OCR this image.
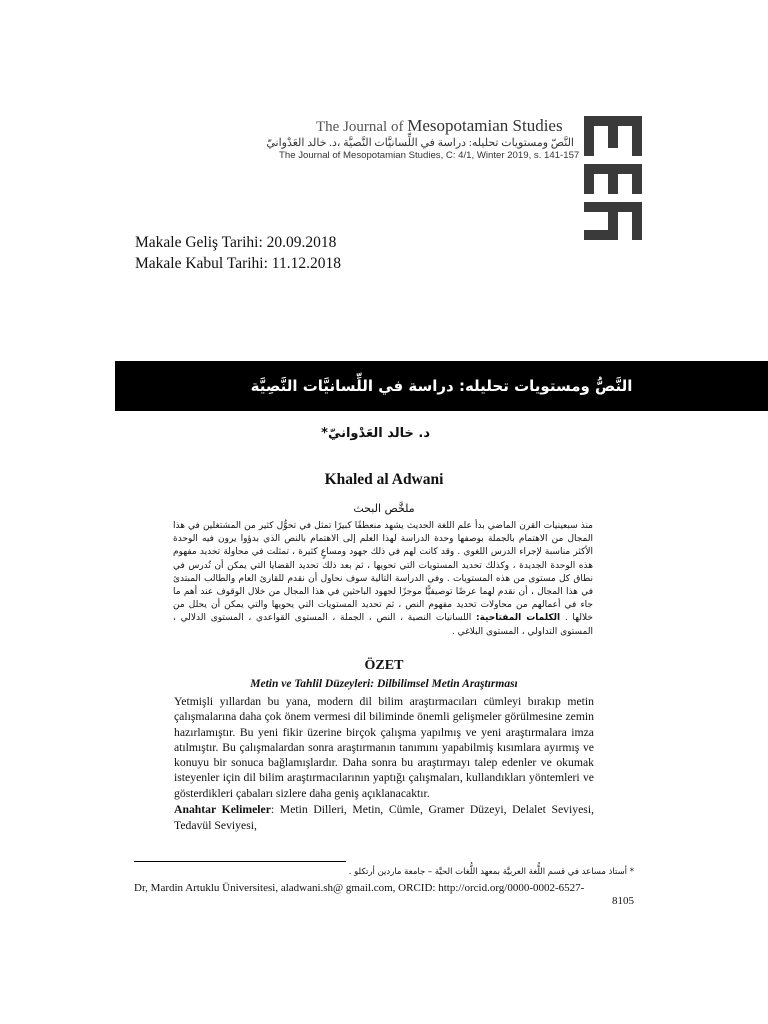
The Journal of Mesopotamian Studies
النَّصّ ومستويات تحليله: دراسة في اللِّسانيَّات النَّصيَّة ،د. خالد العَدْوانيّ
The Journal of Mesopotamian Studies, C: 4/1, Winter 2019, s. 141-157
Makale Geliş Tarihi: 20.09.2018
Makale Kabul Tarihi: 11.12.2018
النَّصُّ ومستويات تحليله: دراسة في اللِّسانيَّات النَّصِيَّة
د. خالد العَدْوانيّ*
Khaled al Adwani
ملخَّص البحث
منذ سبعينيات القرن الماضي بدأ علم اللغة الحديث يشهد منعطفًا كبيرًا تمثل في تحوُّل كثير من المشتغلين في هذا المجال من الاهتمام بالجملة بوصفها وحدة الدراسة لهذا العلم إلى الاهتمام بالنص الذي بدؤوا يرون فيه الوحدة الأكثر مناسبة لإجراء الدرس اللغوي . وقد كانت لهم في ذلك جهود ومساعٍ كثيرة ، تمثلت في محاولة تحديد مفهوم هذه الوحدة الجديدة ، وكذلك تحديد المستويات التي تحويها ، ثم بعد ذلك تحديد القضايا التي يمكن أن تُدرس في نطاق كل مستوى من هذه المستويات . وفي الدراسة التالية سوف نحاول أن نقدم للقارئ العام والطالب المبتدئ في هذا المجال ، أن نقدم لهما عرضًا توصيفيًّا موجزًا لجهود الباحثين في هذا المجال من خلال الوقوف عند أهم ما جاء في أعمالهم من محاولات تحديد مفهوم النص ، ثم تحديد المستويات التي يحويها والتي يمكن أن يحلل من خلالها . الكلمات المفتاحية: اللسانيات النصية ، النص ، الجملة ، المستوى القواعدي ، المستوى الدلالي ، المستوى التداولي ، المستوى البلاغي .
ÖZET
Metin ve Tahlil Düzeyleri: Dilbilimsel Metin Araştırması
Yetmişli yıllardan bu yana, modern dil bilim araştırmacıları cümleyi bırakıp metin çalışmalarına daha çok önem vermesi dil biliminde önemli gelişmeler görülmesine zemin hazırlamıştır. Bu yeni fikir üzerine birçok çalışma yapılmış ve yeni araştırmalara imza atılmıştır. Bu çalışmalardan sonra araştırmanın tanımını yapabilmiş kısımlara ayırmış ve konuyu bir sonuca bağlamışlardır. Daha sonra bu araştırmayı talep edenler ve okumak isteyenler için dil bilim araştırmacılarının yaptığı çalışmaları, kullandıkları yöntemleri ve gösterdikleri çabaları sizlere daha geniş açıklanacaktır.
Anahtar Kelimeler: Metin Dilleri, Metin, Cümle, Gramer Düzeyi, Delalet Seviyesi, Tedavül Seviyesi,
* أستاذ مساعد في قسم اللُّغة العربيَّة بمعهد اللُّغات الحيَّة – جامعة ماردين أرتكلو .
Dr, Mardin Artuklu Üniversitesi, aladwani.sh@ gmail.com, ORCID: http://orcid.org/0000-0002-6527-
8105
